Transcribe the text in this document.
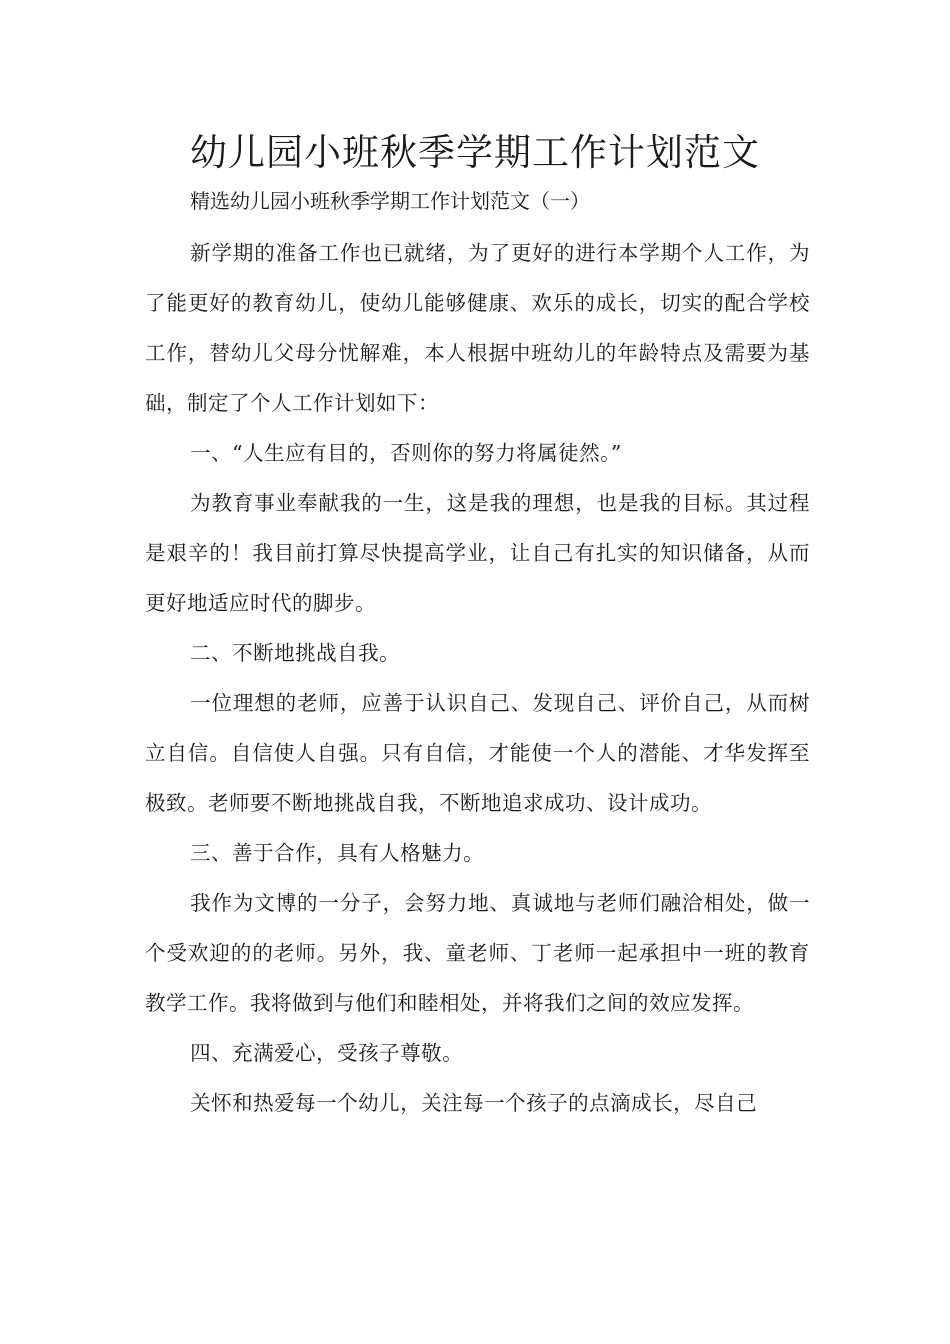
幼儿园小班秋季学期工作计划范文

精选幼儿园小班秋季学期工作计划范文（一）

新学期的准备工作也已就绪，为了更好的进行本学期个人工作，为了能更好的教育幼儿，使幼儿能够健康、欢乐的成长，切实的配合学校工作，替幼儿父母分忧解难，本人根据中班幼儿的年龄特点及需要为基础，制定了个人工作计划如下：

一、“人生应有目的，否则你的努力将属徒然。”

为教育事业奉献我的一生，这是我的理想，也是我的目标。其过程是艰辛的！我目前打算尽快提高学业，让自己有扎实的知识储备，从而更好地适应时代的脚步。

二、不断地挑战自我。

一位理想的老师，应善于认识自己、发现自己、评价自己，从而树立自信。自信使人自强。只有自信，才能使一个人的潜能、才华发挥至极致。老师要不断地挑战自我，不断地追求成功、设计成功。

三、善于合作，具有人格魅力。

我作为文博的一分子，会努力地、真诚地与老师们融洽相处，做一个受欢迎的的老师。另外，我、童老师、丁老师一起承担中一班的教育教学工作。我将做到与他们和睦相处，并将我们之间的效应发挥。

四、充满爱心，受孩子尊敬。

关怀和热爱每一个幼儿，关注每一个孩子的点滴成长，尽自己
